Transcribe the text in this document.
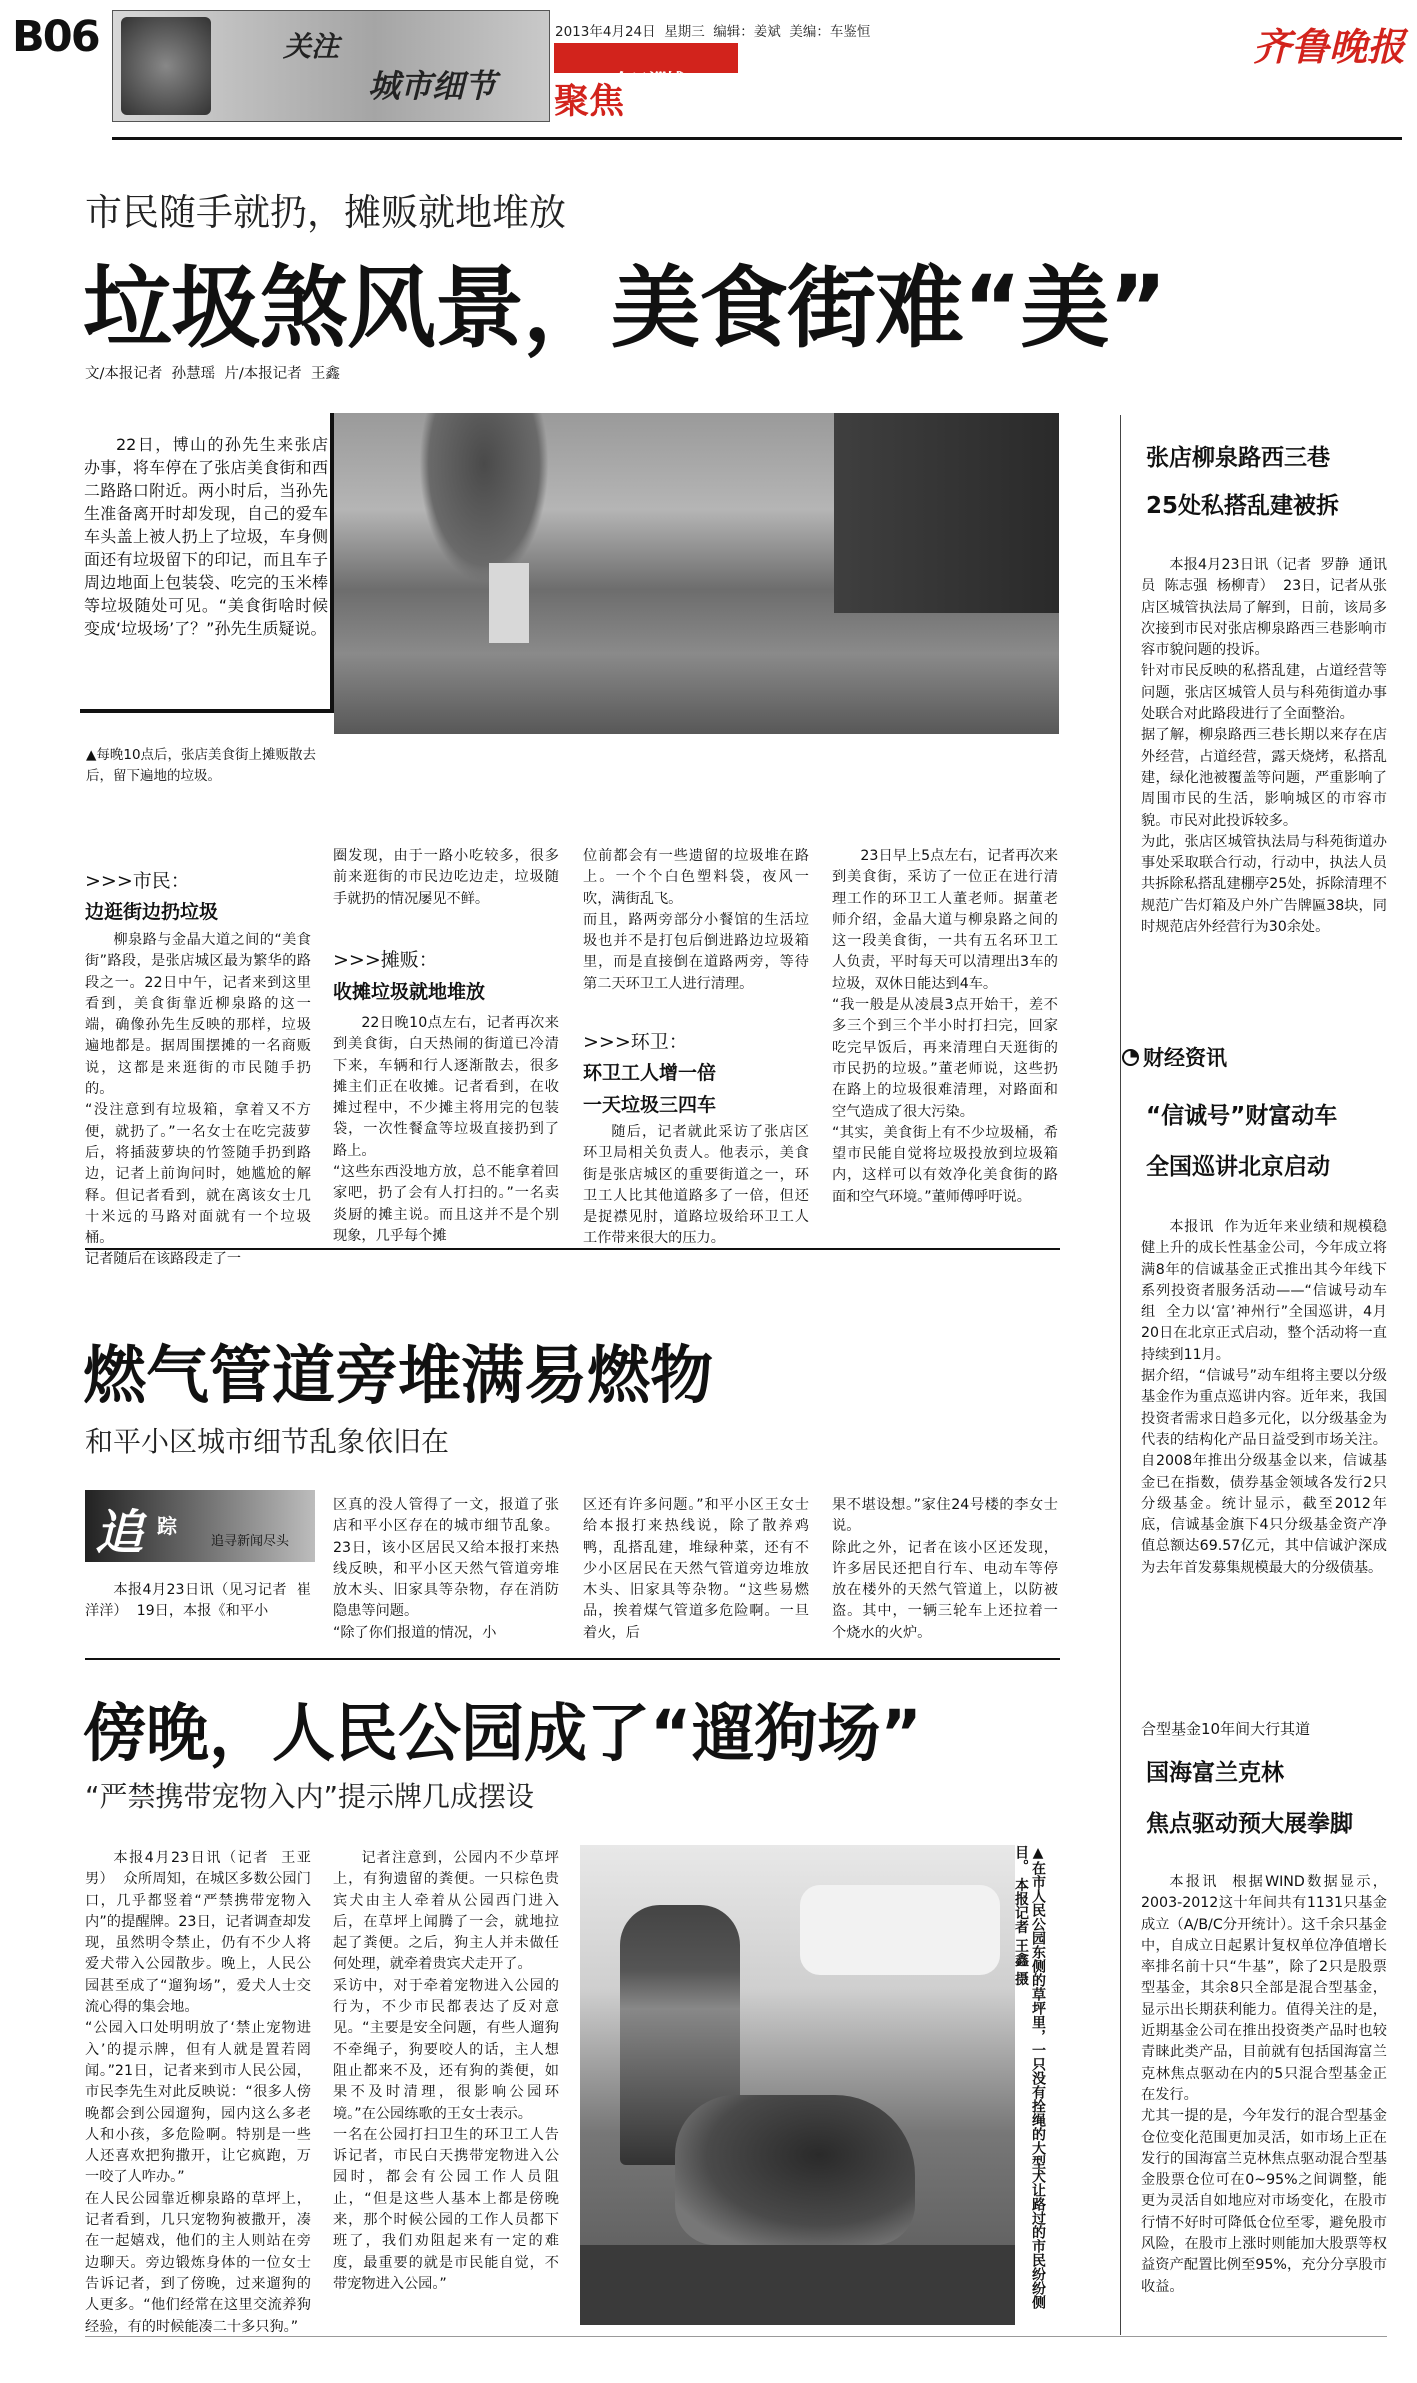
B06

	关注

城市细节

2013年4月24日  星期三  编辑：姜斌  美编：车鉴恒

今日淄博

聚焦
齐鲁晚报
市民随手就扔，摊贩就地堆放
垃圾煞风景，美食街难“美”
文/本报记者  孙慧瑶  片/本报记者  王鑫

22日，博山的孙先生来张店办事，将车停在了张店美食街和西二路路口附近。两小时后，当孙先生准备离开时却发现，自己的爱车车头盖上被人扔上了垃圾，车身侧面还有垃圾留下的印记，而且车子周边地面上包装袋、吃完的玉米棒等垃圾随处可见。“美食街啥时候变成‘垃圾场’了？”孙先生质疑说。

▲每晚10点后，张店美食街上摊贩散去后，留下遍地的垃圾。
>>>市民：
边逛街边扔垃圾
柳泉路与金晶大道之间的“美食街”路段，是张店城区最为繁华的路段之一。22日中午，记者来到这里看到，美食街靠近柳泉路的这一端，确像孙先生反映的那样，垃圾遍地都是。据周围摆摊的一名商贩说，这都是来逛街的市民随手扔的。
“没注意到有垃圾箱，拿着又不方便，就扔了。”一名女士在吃完菠萝后，将插菠萝块的竹签随手扔到路边，记者上前询问时，她尴尬的解释。但记者看到，就在离该女士几十米远的马路对面就有一个垃圾桶。
记者随后在该路段走了一
圈发现，由于一路小吃较多，很多前来逛街的市民边吃边走，垃圾随手就扔的情况屡见不鲜。
>>>摊贩：
收摊垃圾就地堆放
22日晚10点左右，记者再次来到美食街，白天热闹的街道已冷清下来，车辆和行人逐渐散去，很多摊主们正在收摊。记者看到，在收摊过程中，不少摊主将用完的包装袋，一次性餐盒等垃圾直接扔到了路上。
“这些东西没地方放，总不能拿着回家吧，扔了会有人打扫的。”一名卖炎厨的摊主说。而且这并不是个别现象，几乎每个摊
位前都会有一些遗留的垃圾堆在路上。一个个白色塑料袋，夜风一吹，满街乱飞。
而且，路两旁部分小餐馆的生活垃圾也并不是打包后倒进路边垃圾箱里，而是直接倒在道路两旁，等待第二天环卫工人进行清理。
>>>环卫：
环卫工人增一倍
一天垃圾三四车
随后，记者就此采访了张店区环卫局相关负责人。他表示，美食街是张店城区的重要街道之一，环卫工人比其他道路多了一倍，但还是捉襟见肘，道路垃圾给环卫工人工作带来很大的压力。
23日早上5点左右，记者再次来到美食街，采访了一位正在进行清理工作的环卫工人董老师。据董老师介绍，金晶大道与柳泉路之间的这一段美食街，一共有五名环卫工人负责，平时每天可以清理出3车的垃圾，双休日能达到4车。
“我一般是从凌晨3点开始干，差不多三个到三个半小时打扫完，回家吃完早饭后，再来清理白天逛街的市民扔的垃圾。”董老师说，这些扔在路上的垃圾很难清理，对路面和空气造成了很大污染。
“其实，美食街上有不少垃圾桶，希望市民能自觉将垃圾投放到垃圾箱内，这样可以有效净化美食街的路面和空气环境。”董师傅呼吁说。
张店柳泉路西三巷
25处私搭乱建被拆
本报4月23日讯（记者  罗静  通讯员  陈志强  杨柳青）  23日，记者从张店区城管执法局了解到，日前，该局多次接到市民对张店柳泉路西三巷影响市容市貌问题的投诉。
针对市民反映的私搭乱建，占道经营等问题，张店区城管人员与科苑街道办事处联合对此路段进行了全面整治。
据了解，柳泉路西三巷长期以来存在店外经营，占道经营，露天烧烤，私搭乱建，绿化池被覆盖等问题，严重影响了周围市民的生活，影响城区的市容市貌。市民对此投诉较多。
为此，张店区城管执法局与科苑街道办事处采取联合行动，行动中，执法人员共拆除私搭乱建棚亭25处，拆除清理不规范广告灯箱及户外广告牌匾38块，同时规范店外经营行为30余处。
财经资讯
“信诚号”财富动车
全国巡讲北京启动
本报讯  作为近年来业绩和规模稳健上升的成长性基金公司，今年成立将满8年的信诚基金正式推出其今年线下系列投资者服务活动——“信诚号动车组  全力以‘富’神州行”全国巡讲，4月20日在北京正式启动，整个活动将一直持续到11月。
据介绍，“信诚号”动车组将主要以分级基金作为重点巡讲内容。近年来，我国投资者需求日趋多元化，以分级基金为代表的结构化产品日益受到市场关注。自2008年推出分级基金以来，信诚基金已在指数，债券基金领域各发行2只分级基金。统计显示，截至2012年底，信诚基金旗下4只分级基金资产净值总额达69.57亿元，其中信诚沪深成为去年首发募集规模最大的分级债基。
合型基金10年间大行其道
国海富兰克林
焦点驱动预大展拳脚
本报讯  根据WIND数据显示，2003-2012这十年间共有1131只基金成立（A/B/C分开统计）。这千余只基金中，自成立日起累计复权单位净值增长率排名前十只“牛基”，除了2只是股票型基金，其余8只全部是混合型基金，显示出长期获利能力。值得关注的是，近期基金公司在推出投资类产品时也较青睐此类产品，目前就有包括国海富兰克林焦点驱动在内的5只混合型基金正在发行。
尤其一提的是，今年发行的混合型基金仓位变化范围更加灵活，如市场上正在发行的国海富兰克林焦点驱动混合型基金股票仓位可在0~95%之间调整，能更为灵活自如地应对市场变化，在股市行情不好时可降低仓位至零，避免股市风险，在股市上涨时则能加大股票等权益资产配置比例至95%，充分分享股市收益。
燃气管道旁堆满易燃物
和平小区城市细节乱象依旧在

追

踪

追寻新闻尽头

本报4月23日讯（见习记者  崔洋洋）  19日，本报《和平小
区真的没人管得了一文，报道了张店和平小区存在的城市细节乱象。23日，该小区居民又给本报打来热线反映，和平小区天然气管道旁堆放木头、旧家具等杂物，存在消防隐患等问题。
“除了你们报道的情况，小
区还有许多问题。”和平小区王女士给本报打来热线说，除了散养鸡鸭，乱搭乱建，堆绿种菜，还有不少小区居民在天然气管道旁边堆放木头、旧家具等杂物。“这些易燃品，挨着煤气管道多危险啊。一旦着火，后
果不堪设想。”家住24号楼的李女士说。
除此之外，记者在该小区还发现，许多居民还把自行车、电动车等停放在楼外的天然气管道上，以防被盗。其中，一辆三轮车上还拉着一个烧水的火炉。
傍晚，人民公园成了“遛狗场”
“严禁携带宠物入内”提示牌几成摆设
本报4月23日讯（记者  王亚男）  众所周知，在城区多数公园门口，几乎都竖着“严禁携带宠物入内”的提醒牌。23日，记者调查却发现，虽然明令禁止，仍有不少人将爱犬带入公园散步。晚上，人民公园甚至成了“遛狗场”，爱犬人士交流心得的集会地。
“公园入口处明明放了‘禁止宠物进入’的提示牌，但有人就是置若罔闻。”21日，记者来到市人民公园，市民李先生对此反映说：“很多人傍晚都会到公园遛狗，园内这么多老人和小孩，多危险啊。特别是一些人还喜欢把狗撒开，让它疯跑，万一咬了人咋办。”
在人民公园靠近柳泉路的草坪上，记者看到，几只宠物狗被撒开，凑在一起嬉戏，他们的主人则站在旁边聊天。旁边锻炼身体的一位女士告诉记者，到了傍晚，过来遛狗的人更多。“他们经常在这里交流养狗经验，有的时候能凑二十多只狗。”
记者注意到，公园内不少草坪上，有狗遗留的粪便。一只棕色贵宾犬由主人牵着从公园西门进入后，在草坪上闻腾了一会，就地拉起了粪便。之后，狗主人并未做任何处理，就牵着贵宾犬走开了。
采访中，对于牵着宠物进入公园的行为，不少市民都表达了反对意见。“主要是安全问题，有些人遛狗不牵绳子，狗要咬人的话，主人想阻止都来不及，还有狗的粪便，如果不及时清理，很影响公园环境。”在公园练歌的王女士表示。
一名在公园打扫卫生的环卫工人告诉记者，市民白天携带宠物进入公园时，都会有公园工作人员阻止，“但是这些人基本上都是傍晚来，那个时候公园的工作人员都下班了，我们劝阻起来有一定的难度，最重要的就是市民能自觉，不带宠物进入公园。”

	▲在市人民公园东侧的草坪里，一只没有拴绳的大型犬让路过的市民纷纷侧目。 本报记者 王鑫 摄
